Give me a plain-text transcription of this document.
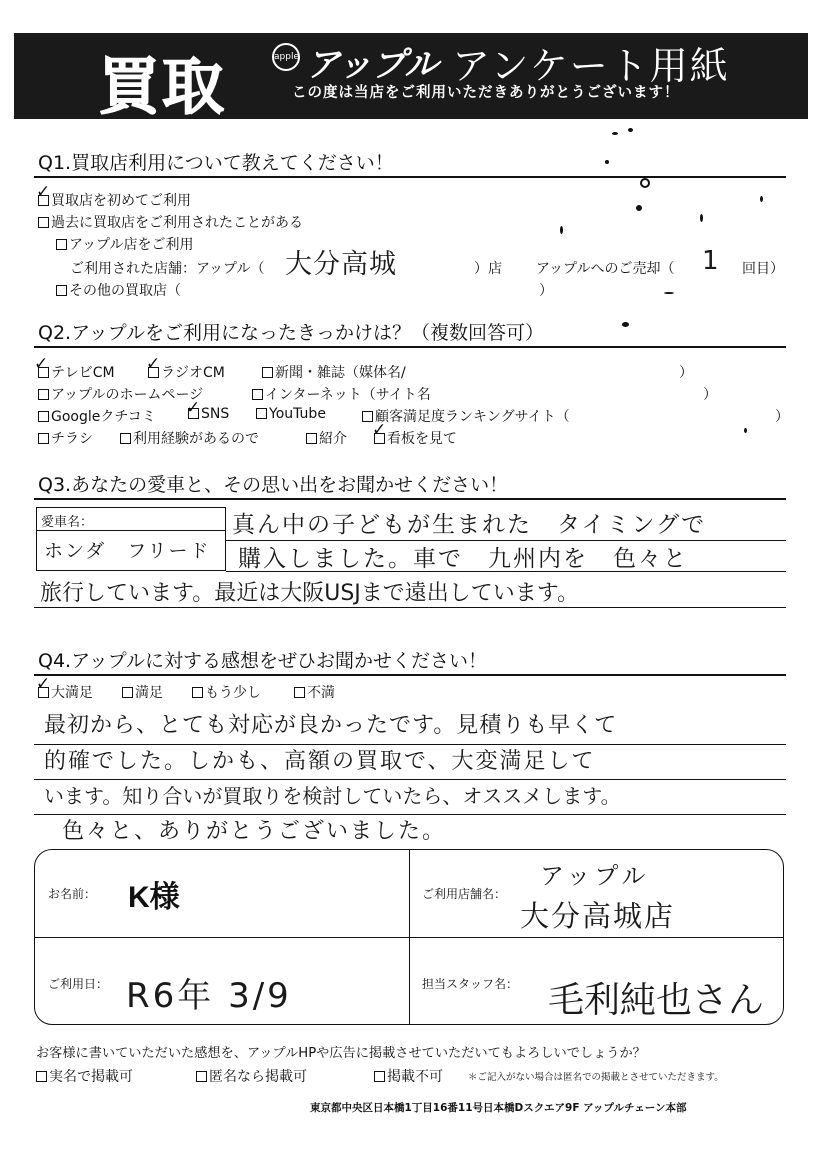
買取	apple アップル アンケート用紙
この度は当店をご利用いただきありがとうございます！
Q1.買取店利用について教えてください！
買取店を初めてご利用
✓
過去に買取店をご利用されたことがある
アップル店をご利用
ご利用された店舗：アップル（ 大分高城	）店 アップルへのご売却（ 1 回目）
その他の買取店（	）
Q2.アップルをご利用になったきっかけは？（複数回答可）
テレビCM
✓	ラジオCM
✓	新聞・雑誌（媒体名/	）
アップルのホームページ	インターネット（サイト名	）
Googleクチコミ	SNS
✓	YouTube	顧客満足度ランキングサイト（	）
チラシ	利用経験があるので	紹介	看板を見て
✓
Q3.あなたの愛車と、その思い出をお聞かせください！
愛車名：
ホンダ　フリード
真ん中の子どもが生まれた　タイミングで
購入しました。車で　九州内を　色々と
旅行しています。最近は大阪USJまで遠出しています。
Q4.アップルに対する感想をぜひお聞かせください！
大満足
✓	満足	もう少し	不満
最初から、とても対応が良かったです。見積りも早くて
的確でした。しかも、高額の買取で、大変満足して
います。知り合いが買取りを検討していたら、オススメします。
色々と、ありがとうございました。
お名前： K様	ご利用店舗名：
アップル
大分高城店
ご利用日： R6年 3/9	担当スタッフ名： 毛利純也さん
お客様に書いていただいた感想を、アップルHPや広告に掲載させていただいてもよろしいでしょうか？
実名で掲載可	匿名なら掲載可	掲載不可	＊ご記入がない場合は匿名での掲載とさせていただきます。
東京都中央区日本橋1丁目16番11号日本橋Dスクエア9F アップルチェーン本部
